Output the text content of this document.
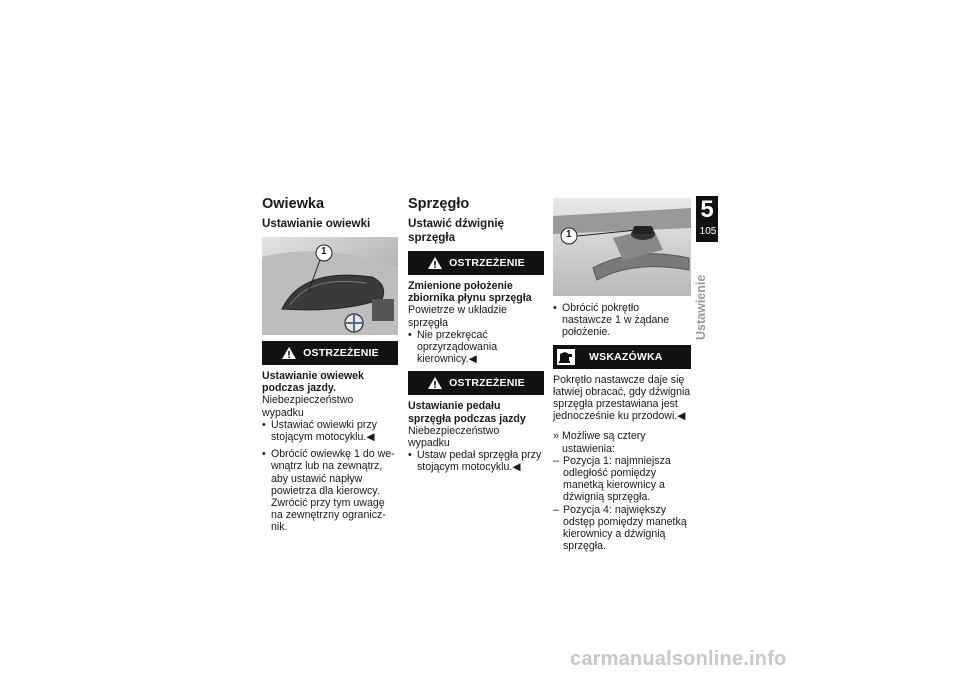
Owiewka
Ustawianie owiewki
1
OSTRZEŻENIE

Ustawianie owiewek podczas jazdy.

Niebezpieczeństwo wypadku

• Ustawiać owiewki przy stojącym motocyklu.◀
• Obrócić owiewkę 1 do wewnątrz lub na zewnątrz, aby ustawić napływ powietrza dla kierowcy. Zwrócić przy tym uwagę na zewnętrzny ogranicznik.
Sprzęgło
Ustawić dźwignię sprzęgła
OSTRZEŻENIE

Zmienione położenie zbiornika płynu sprzęgła

Powietrze w układzie sprzęgła

• Nie przekręcać oprzyrządowania kierownicy.◀
OSTRZEŻENIE

Ustawianie pedału sprzęgła podczas jazdy

Niebezpieczeństwo wypadku

• Ustaw pedał sprzęgła przy stojącym motocyklu.◀
1
• Obrócić pokrętło nastawcze 1 w żądane położenie.
WSKAZÓWKA

Pokrętło nastawcze daje się łatwiej obracać, gdy dźwignia sprzęgła przestawiana jest jednocześnie ku przodowi.◀

» Możliwe są cztery ustawienia:
– Pozycja 1: najmniejsza odległość pomiędzy manetką kierownicy a dźwignią sprzęgła.
– Pozycja 4: największy odstęp pomiędzy manetką kierownicy a dźwignią sprzęgła.
5
105
Ustawienie
carmanualsonline.info
